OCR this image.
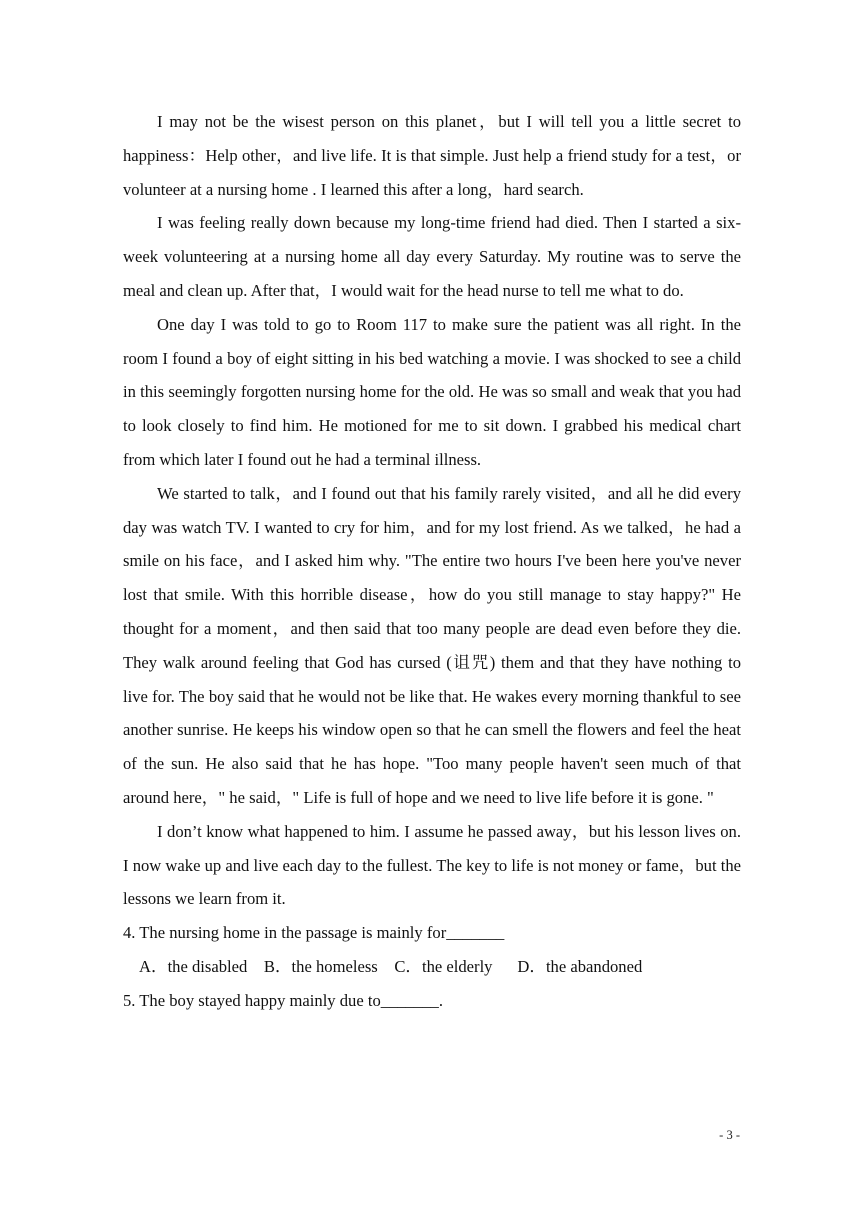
I may not be the wisest person on this planet，but I will tell you a little secret to happiness：Help other，and live life. It is that simple. Just help a friend study for a test，or volunteer at a nursing home . I learned this after a long，hard search.

I was feeling really down because my long-time friend had died. Then I started a six-week volunteering at a nursing home all day every Saturday. My routine was to serve the meal and clean up. After that，I would wait for the head nurse to tell me what to do.

One day I was told to go to Room 117 to make sure the patient was all right. In the room I found a boy of eight sitting in his bed watching a movie. I was shocked to see a child in this seemingly forgotten nursing home for the old. He was so small and weak that you had to look closely to find him. He motioned for me to sit down. I grabbed his medical chart from which later I found out he had a terminal illness.

We started to talk，and I found out that his family rarely visited，and all he did every day was watch TV. I wanted to cry for him，and for my lost friend. As we talked，he had a smile on his face，and I asked him why. "The entire two hours I've been here you've never lost that smile. With this horrible disease，how do you still manage to stay happy?" He thought for a moment，and then said that too many people are dead even before they die. They walk around feeling that God has cursed (诅咒) them and that they have nothing to live for. The boy said that he would not be like that. He wakes every morning thankful to see another sunrise. He keeps his window open so that he can smell the flowers and feel the heat of the sun. He also said that he has hope. "Too many people haven't seen much of that around here，" he said，" Life is full of hope and we need to live life before it is gone. "

I don’t know what happened to him. I assume he passed away，but his lesson lives on. I now wake up and live each day to the fullest. The key to life is not money or fame，but the lessons we learn from it.

4. The nursing home in the passage is mainly for_______

A．the disabled    B．the homeless    C．the elderly      D．the abandoned

5. The boy stayed happy mainly due to_______.

- 3 -
